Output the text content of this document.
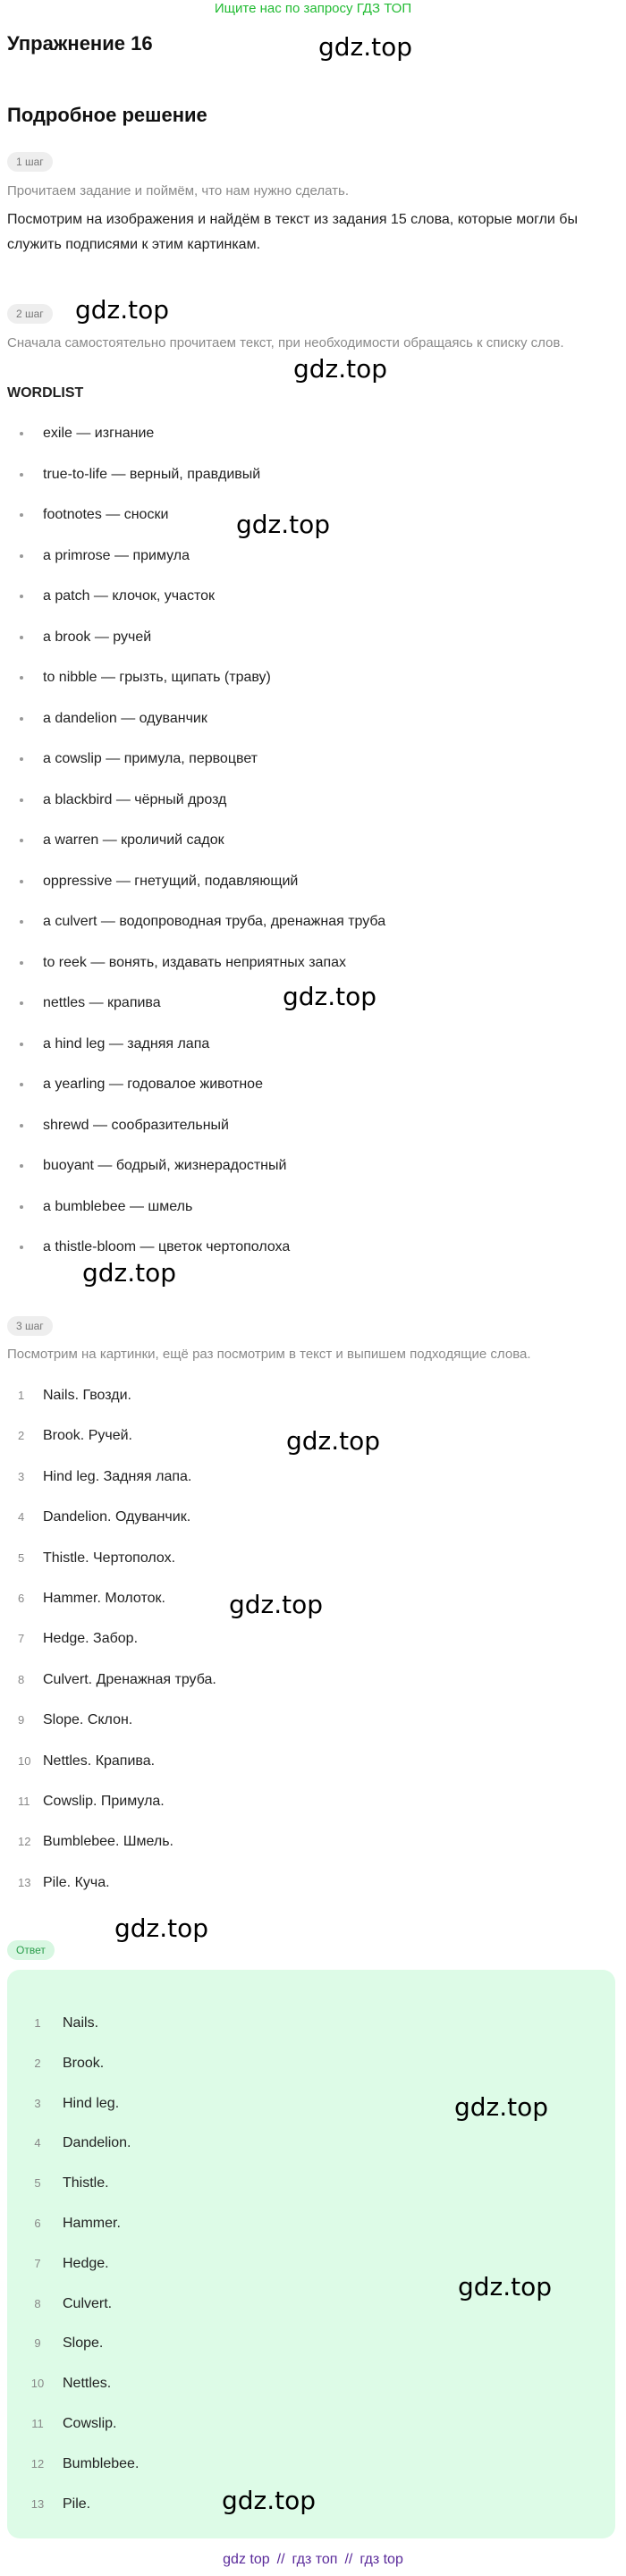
Ищите нас по запросу ГДЗ ТОП
Упражнение 16
Подробное решение
1 шаг
Прочитаем задание и поймём, что нам нужно сделать.
Посмотрим на изображения и найдём в текст из задания 15 слова, которые могли бы служить подписями к этим картинкам.
2 шаг
Сначала самостоятельно прочитаем текст, при необходимости обращаясь к списку слов.
WORDLIST
exile — изгнание
true-to-life — верный, правдивый
footnotes — сноски
a primrose — примула
a patch — клочок, участок
a brook — ручей
to nibble — грызть, щипать (траву)
a dandelion — одуванчик
a cowslip — примула, первоцвет
a blackbird — чёрный дрозд
a warren — кроличий садок
oppressive — гнетущий, подавляющий
a culvert — водопроводная труба, дренажная труба
to reek — вонять, издавать неприятных запах
nettles — крапива
a hind leg — задняя лапа
a yearling — годовалое животное
shrewd — сообразительный
buoyant — бодрый, жизнерадостный
a bumblebee — шмель
a thistle-bloom — цветок чертополоха
3 шаг
Посмотрим на картинки, ещё раз посмотрим в текст и выпишем подходящие слова.
1	Nails. Гвозди.
2	Brook. Ручей.
3	Hind leg. Задняя лапа.
4	Dandelion. Одуванчик.
5	Thistle. Чертополох.
6	Hammer. Молоток.
7	Hedge. Забор.
8	Culvert. Дренажная труба.
9	Slope. Склон.
10 Nettles. Крапива.
11 Cowslip. Примула.
12 Bumblebee. Шмель.
13 Pile. Куча.
Ответ
1	Nails.
2	Brook.
3	Hind leg.
4	Dandelion.
5	Thistle.
6	Hammer.
7	Hedge.
8	Culvert.
9	Slope.
10	Nettles.
11	Cowslip.
12	Bumblebee.
13	Pile.
gdz.top
gdz.top
gdz.top
gdz.top
gdz.top
gdz.top
gdz.top
gdz.top
gdz.top
gdz.top
gdz.top
gdz.top
gdz top // гдз топ // гдз top
